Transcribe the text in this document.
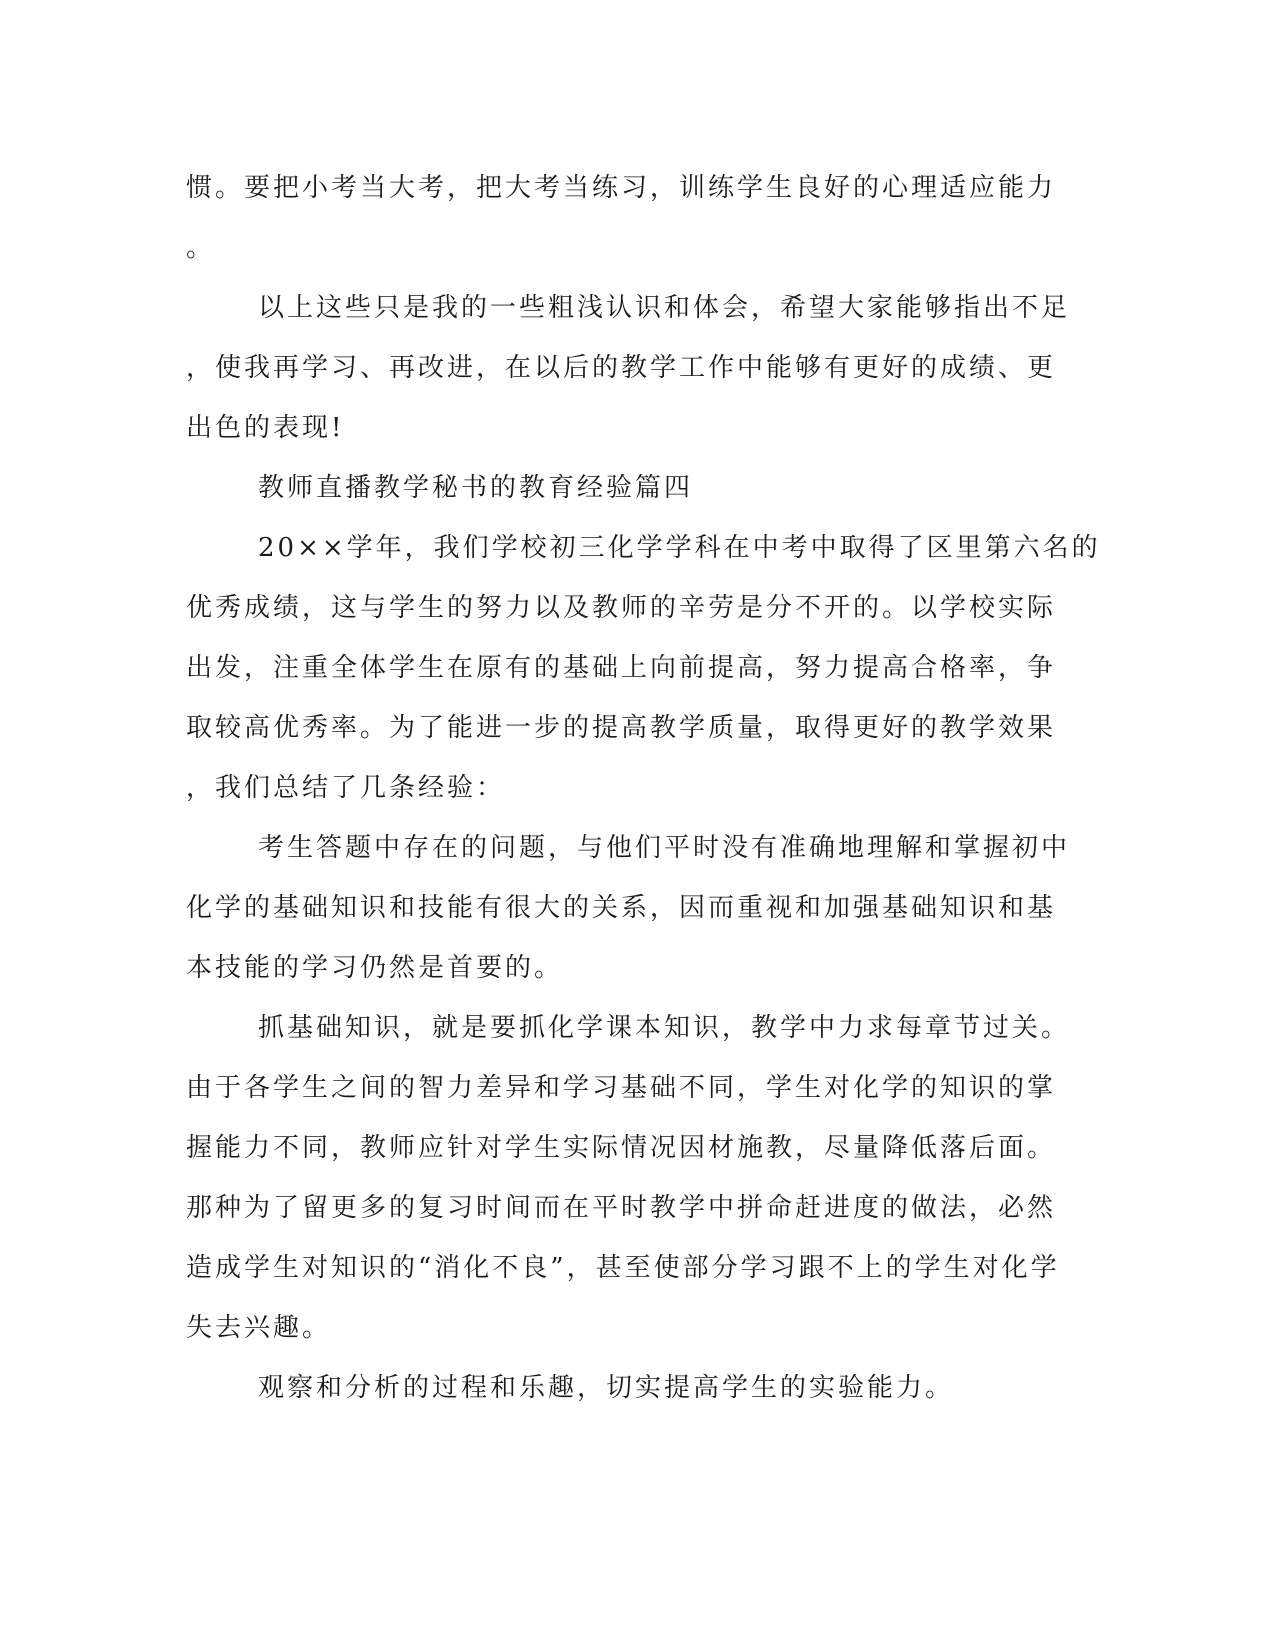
惯。要把小考当大考，把大考当练习，训练学生良好的心理适应能力
。
以上这些只是我的一些粗浅认识和体会，希望大家能够指出不足
，使我再学习、再改进，在以后的教学工作中能够有更好的成绩、更
出色的表现!
教师直播教学秘书的教育经验篇四
20××学年，我们学校初三化学学科在中考中取得了区里第六名的
优秀成绩，这与学生的努力以及教师的辛劳是分不开的。以学校实际
出发，注重全体学生在原有的基础上向前提高，努力提高合格率，争
取较高优秀率。为了能进一步的提高教学质量，取得更好的教学效果
，我们总结了几条经验：
考生答题中存在的问题，与他们平时没有准确地理解和掌握初中
化学的基础知识和技能有很大的关系，因而重视和加强基础知识和基
本技能的学习仍然是首要的。
抓基础知识，就是要抓化学课本知识，教学中力求每章节过关。
由于各学生之间的智力差异和学习基础不同，学生对化学的知识的掌
握能力不同，教师应针对学生实际情况因材施教，尽量降低落后面。
那种为了留更多的复习时间而在平时教学中拼命赶进度的做法，必然
造成学生对知识的“消化不良”，甚至使部分学习跟不上的学生对化学
失去兴趣。
观察和分析的过程和乐趣，切实提高学生的实验能力。
